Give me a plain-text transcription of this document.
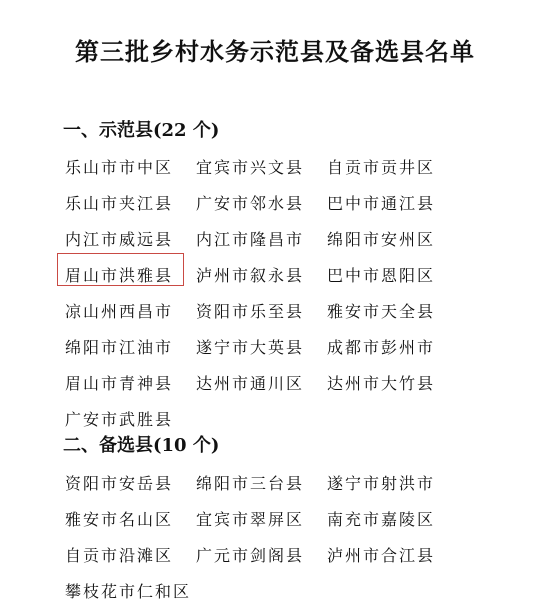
第三批乡村水务示范县及备选县名单
一、示范县(22 个)
乐山市市中区	宜宾市兴文县	自贡市贡井区
乐山市夹江县	广安市邻水县	巴中市通江县
内江市威远县	内江市隆昌市	绵阳市安州区
眉山市洪雅县	泸州市叙永县	巴中市恩阳区
凉山州西昌市	资阳市乐至县	雅安市天全县
绵阳市江油市	遂宁市大英县	成都市彭州市
眉山市青神县	达州市通川区	达州市大竹县
广安市武胜县
二、备选县(10 个)
资阳市安岳县	绵阳市三台县	遂宁市射洪市
雅安市名山区	宜宾市翠屏区	南充市嘉陵区
自贡市沿滩区	广元市剑阁县	泸州市合江县
攀枝花市仁和区
